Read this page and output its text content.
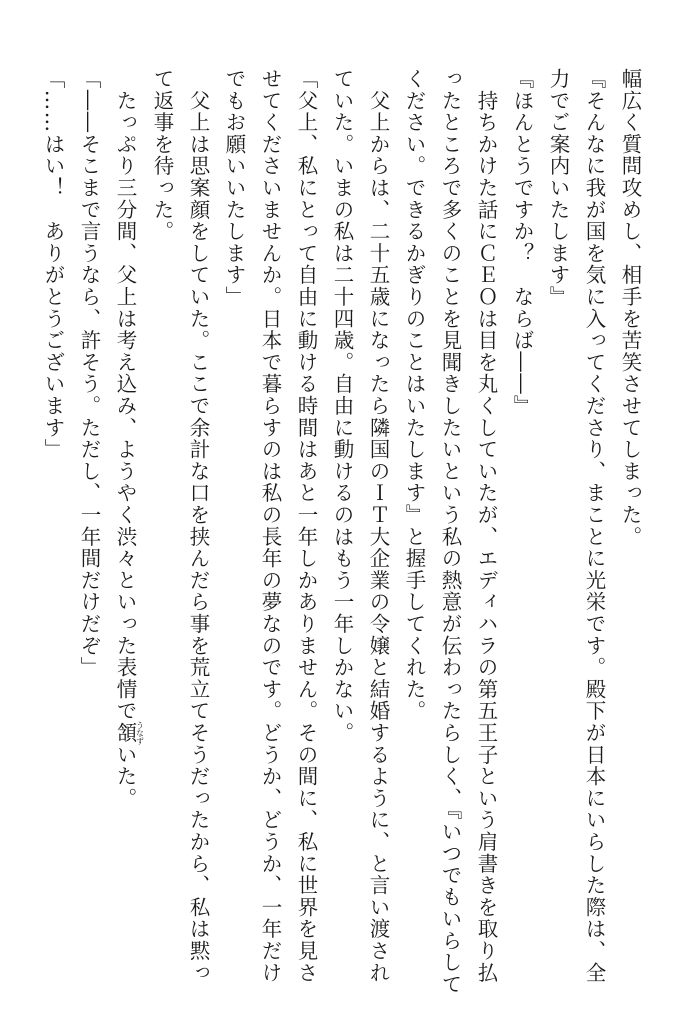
幅広く質問攻めし、相手を苦笑させてしまった。
『そんなに我が国を気に入ってくださり、まことに光栄です。殿下が日本にいらした際は、全
力でご案内いたします』
『ほんとうですか？　ならば――』
　持ちかけた話にＣＥＯは目を丸くしていたが、エディハラの第五王子という肩書きを取り払
ったところで多くのことを見聞きしたいという私の熱意が伝わったらしく、『いつでもいらして
ください。できるかぎりのことはいたします』と握手してくれた。
　父上からは、二十五歳になったら隣国のＩＴ大企業の令嬢と結婚するように、と言い渡され
ていた。いまの私は二十四歳。自由に動けるのはもう一年しかない。
「父上、私にとって自由に動ける時間はあと一年しかありません。その間に、私に世界を見さ
せてくださいませんか。日本で暮らすのは私の長年の夢なのです。どうか、どうか、一年だけ
でもお願いいたします」
　父上は思案顔をしていた。ここで余計な口を挟んだら事を荒立てそうだったから、私は黙っ
て返事を待った。
　たっぷり三分間、父上は考え込み、ようやく渋々といった表情で頷うなずいた。
「――そこまで言うなら、許そう。ただし、一年間だけだぞ」
「……はい！　ありがとうございます」
